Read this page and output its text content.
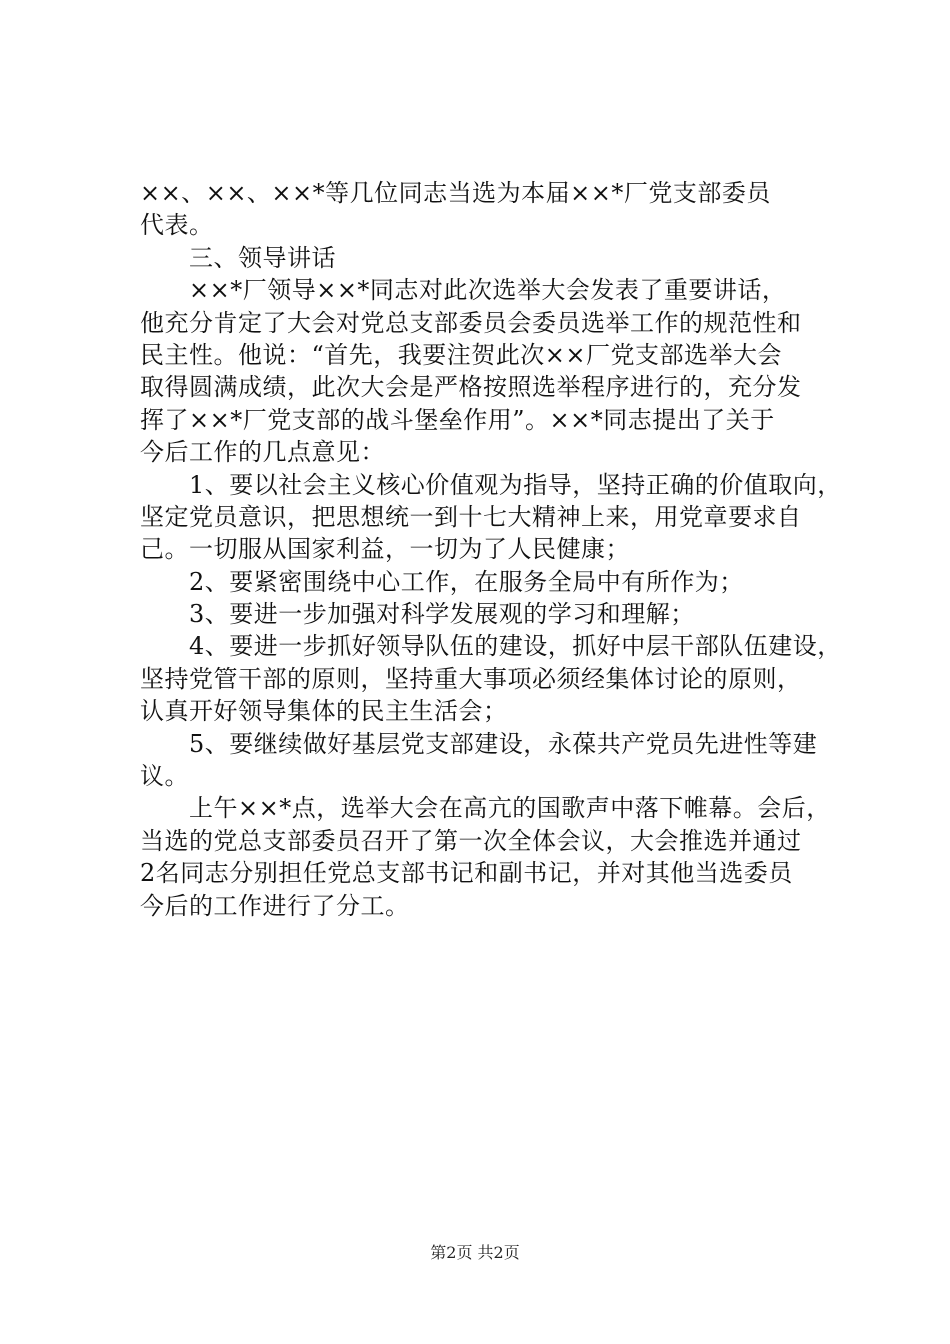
××、××、××*等几位同志当选为本届××*厂党支部委员
代表。
　　三、领导讲话
　　××*厂领导××*同志对此次选举大会发表了重要讲话，
他充分肯定了大会对党总支部委员会委员选举工作的规范性和
民主性。他说：“首先，我要注贺此次××厂党支部选举大会
取得圆满成绩，此次大会是严格按照选举程序进行的，充分发
挥了××*厂党支部的战斗堡垒作用”。××*同志提出了关于
今后工作的几点意见：
　　1、要以社会主义核心价值观为指导，坚持正确的价值取向，
坚定党员意识，把思想统一到十七大精神上来，用党章要求自
己。一切服从国家利益，一切为了人民健康；
　　2、要紧密围绕中心工作，在服务全局中有所作为；
　　3、要进一步加强对科学发展观的学习和理解；
　　4、要进一步抓好领导队伍的建设，抓好中层干部队伍建设，
坚持党管干部的原则，坚持重大事项必须经集体讨论的原则，
认真开好领导集体的民主生活会；
　　5、要继续做好基层党支部建设，永葆共产党员先进性等建
议。
　　上午××*点，选举大会在高亢的国歌声中落下帷幕。会后，
当选的党总支部委员召开了第一次全体会议，大会推选并通过
2名同志分别担任党总支部书记和副书记，并对其他当选委员
今后的工作进行了分工。
第2页 共2页
